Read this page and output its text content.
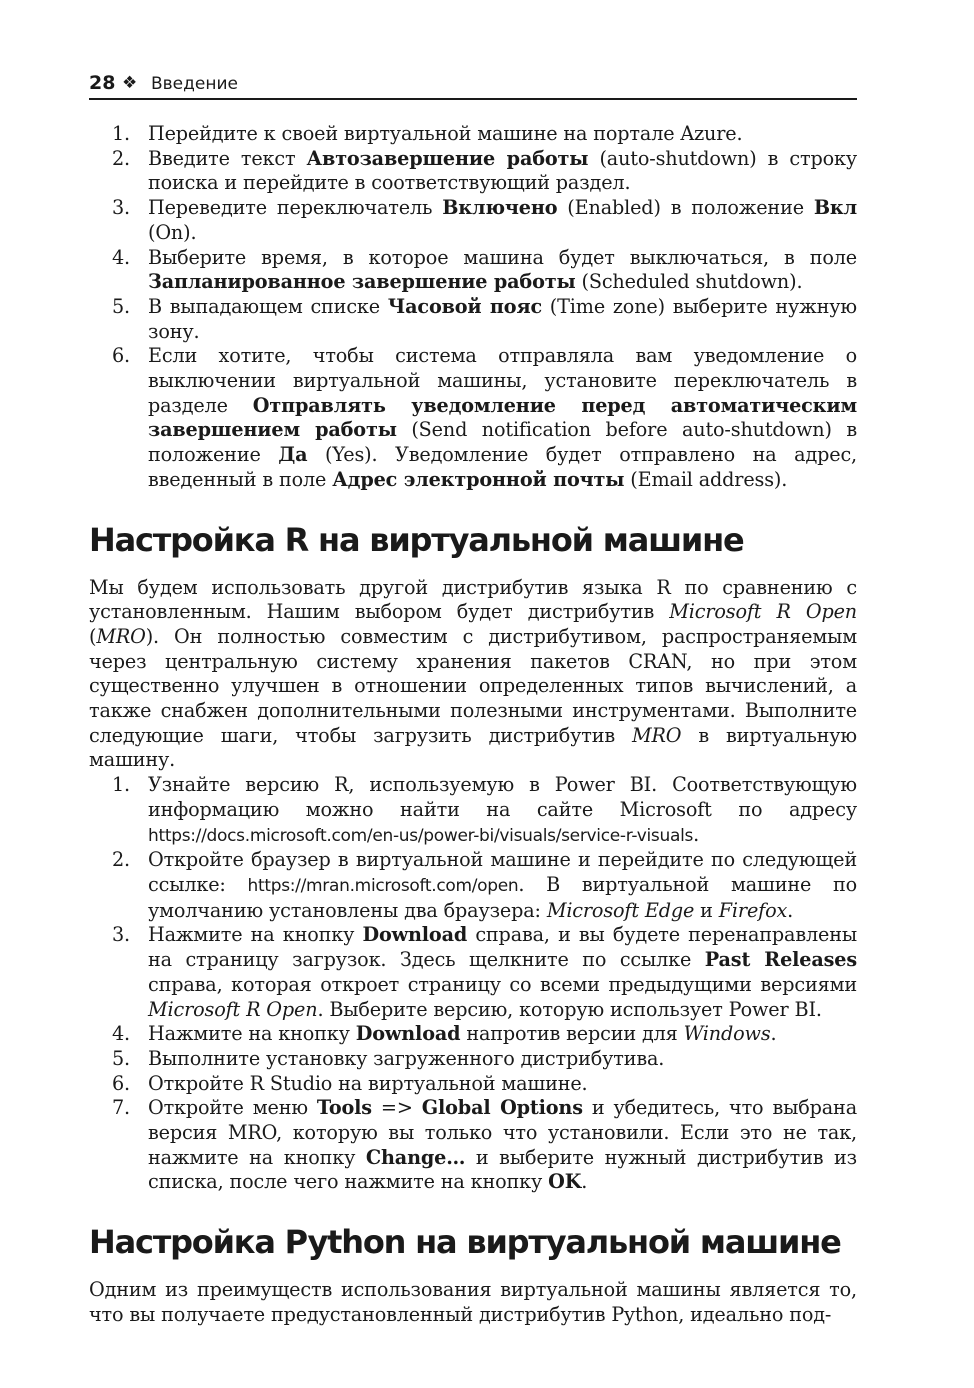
28 ❖ Введение
1. Перейдите к своей виртуальной машине на портале Azure.
2. Введите текст Автозавершение работы (auto-shutdown) в строку поиска и перейдите в соответствующий раздел.
3. Переведите переключатель Включено (Enabled) в положение Вкл (On).
4. Выберите время, в которое машина будет выключаться, в поле Запланированное завершение работы (Scheduled shutdown).
5. В выпадающем списке Часовой пояс (Time zone) выберите нужную зону.
6. Если хотите, чтобы система отправляла вам уведомление о выключении виртуальной машины, установите переключатель в разделе Отправлять уведомление перед автоматическим завершением работы (Send notification before auto-shutdown) в положение Да (Yes). Уведомление будет отправлено на адрес, введенный в поле Адрес электронной почты (Email address).
Настройка R на виртуальной машине

Мы будем использовать другой дистрибутив языка R по сравнению с установленным. Нашим выбором будет дистрибутив Microsoft R Open (MRO). Он полностью совместим с дистрибутивом, распространяемым через центральную систему хранения пакетов CRAN, но при этом существенно улучшен в отношении определенных типов вычислений, а также снабжен дополнительными полезными инструментами. Выполните следующие шаги, чтобы загрузить дистрибутив MRO в виртуальную машину.

1. Узнайте версию R, используемую в Power BI. Соответствующую информацию можно найти на сайте Microsoft по адресу https://docs.microsoft.com/en-us/power-bi/visuals/service-r-visuals.
2. Откройте браузер в виртуальной машине и перейдите по следующей ссылке: https://mran.microsoft.com/open. В виртуальной машине по умолчанию установлены два браузера: Microsoft Edge и Firefox.
3. Нажмите на кнопку Download справа, и вы будете перенаправлены на страницу загрузок. Здесь щелкните по ссылке Past Releases справа, которая откроет страницу со всеми предыдущими версиями Microsoft R Open. Выберите версию, которую использует Power BI.
4. Нажмите на кнопку Download напротив версии для Windows.
5. Выполните установку загруженного дистрибутива.
6. Откройте R Studio на виртуальной машине.
7. Откройте меню Tools => Global Options и убедитесь, что выбрана версия MRO, которую вы только что установили. Если это не так, нажмите на кнопку Change… и выберите нужный дистрибутив из списка, после чего нажмите на кнопку OK.
Настройка Python на виртуальной машине

Одним из преимуществ использования виртуальной машины является то, что вы получаете предустановленный дистрибутив Python, идеально под-
